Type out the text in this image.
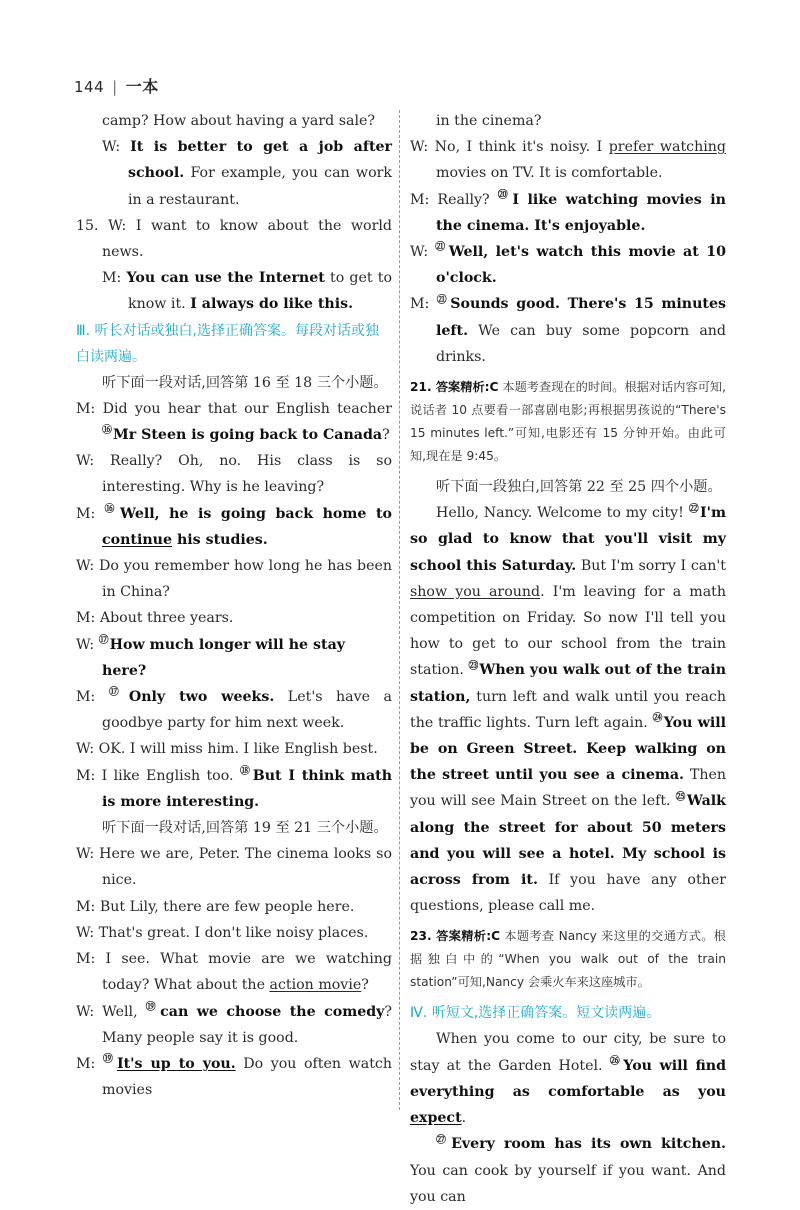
144 | 一本
camp? How about having a yard sale?
W: It is better to get a job after school. For example, you can work in a restaurant.
15. W: I want to know about the world news.
M: You can use the Internet to get to know it. I always do like this.
Ⅲ. 听长对话或独白,选择正确答案。每段对话或独白读两遍。
听下面一段对话,回答第 16 至 18 三个小题。
M: Did you hear that our English teacher ⑯Mr Steen is going back to Canada?
W: Really? Oh, no. His class is so interesting. Why is he leaving?
M: ⑯Well, he is going back home to continue his studies.
W: Do you remember how long he has been in China?
M: About three years.
W: ⑰How much longer will he stay here?
M: ⑰Only two weeks. Let's have a goodbye party for him next week.
W: OK. I will miss him. I like English best.
M: I like English too. ⑱But I think math is more interesting.
听下面一段对话,回答第 19 至 21 三个小题。
W: Here we are, Peter. The cinema looks so nice.
M: But Lily, there are few people here.
W: That's great. I don't like noisy places.
M: I see. What movie are we watching today? What about the action movie?
W: Well, ⑲can we choose the comedy? Many people say it is good.
M: ⑲It's up to you. Do you often watch movies
in the cinema?
W: No, I think it's noisy. I prefer watching movies on TV. It is comfortable.
M: Really? ⑳I like watching movies in the cinema. It's enjoyable.
W: $^㉑$Well, let's watch this movie at 10 o'clock.
M: $^㉑$Sounds good. There's 15 minutes left. We can buy some popcorn and drinks.
21. 答案精析:C 本题考查现在的时间。根据对话内容可知,说话者 10 点要看一部喜剧电影;再根据男孩说的“There's 15 minutes left.”可知,电影还有 15 分钟开始。由此可知,现在是 9:45。
听下面一段独白,回答第 22 至 25 四个小题。
Hello, Nancy. Welcome to my city! $^㉒$I'm so glad to know that you'll visit my school this Saturday. But I'm sorry I can't show you around. I'm leaving for a math competition on Friday. So now I'll tell you how to get to our school from the train station. $^㉓$When you walk out of the train station, turn left and walk until you reach the traffic lights. Turn left again. $^㉔$You will be on Green Street. Keep walking on the street until you see a cinema. Then you will see Main Street on the left. $^㉕$Walk along the street for about 50 meters and you will see a hotel. My school is across from it. If you have any other questions, please call me.
23. 答案精析:C 本题考查 Nancy 来这里的交通方式。根据独白中的“When you walk out of the train station”可知,Nancy 会乘火车来这座城市。
Ⅳ. 听短文,选择正确答案。短文读两遍。
When you come to our city, be sure to stay at the Garden Hotel. $^㉖$You will find everything as comfortable as you expect.
$^㉗$Every room has its own kitchen. You can cook by yourself if you want. And you can
